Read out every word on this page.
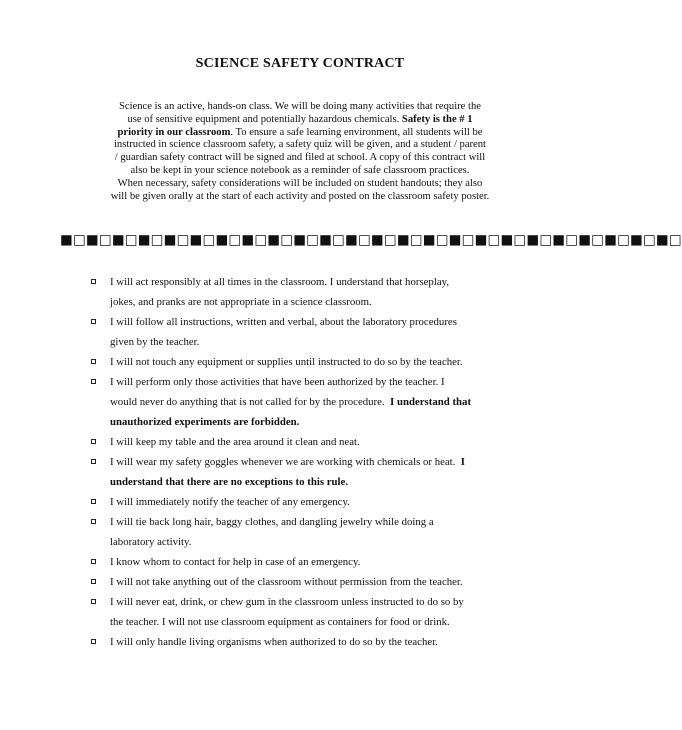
SCIENCE SAFETY CONTRACT
Science is an active, hands-on class. We will be doing many activities that require the
use of sensitive equipment and potentially hazardous chemicals. Safety is the # 1
priority in our classroom. To ensure a safe learning environment, all students will be
instructed in science classroom safety, a safety quiz will be given, and a student / parent
/ guardian safety contract will be signed and filed at school. A copy of this contract will
also be kept in your science notebook as a reminder of safe classroom practices.
When necessary, safety considerations will be included on student handouts; they also
will be given orally at the start of each activity and posted on the classroom safety poster.
■□■□■□■□■□■□■□■□■□■□■□■□■□■□■□■□■□■□■□■□■□■□■□■□
I will act responsibly at all times in the classroom. I understand that horseplay,
jokes, and pranks are not appropriate in a science classroom.
I will follow all instructions, written and verbal, about the laboratory procedures
given by the teacher.
I will not touch any equipment or supplies until instructed to do so by the teacher.
I will perform only those activities that have been authorized by the teacher. I
would never do anything that is not called for by the procedure. I understand that
unauthorized experiments are forbidden.
I will keep my table and the area around it clean and neat.
I will wear my safety goggles whenever we are working with chemicals or heat. I
understand that there are no exceptions to this rule.
I will immediately notify the teacher of any emergency.
I will tie back long hair, baggy clothes, and dangling jewelry while doing a
laboratory activity.
I know whom to contact for help in case of an emergency.
I will not take anything out of the classroom without permission from the teacher.
I will never eat, drink, or chew gum in the classroom unless instructed to do so by
the teacher. I will not use classroom equipment as containers for food or drink.
I will only handle living organisms when authorized to do so by the teacher.
